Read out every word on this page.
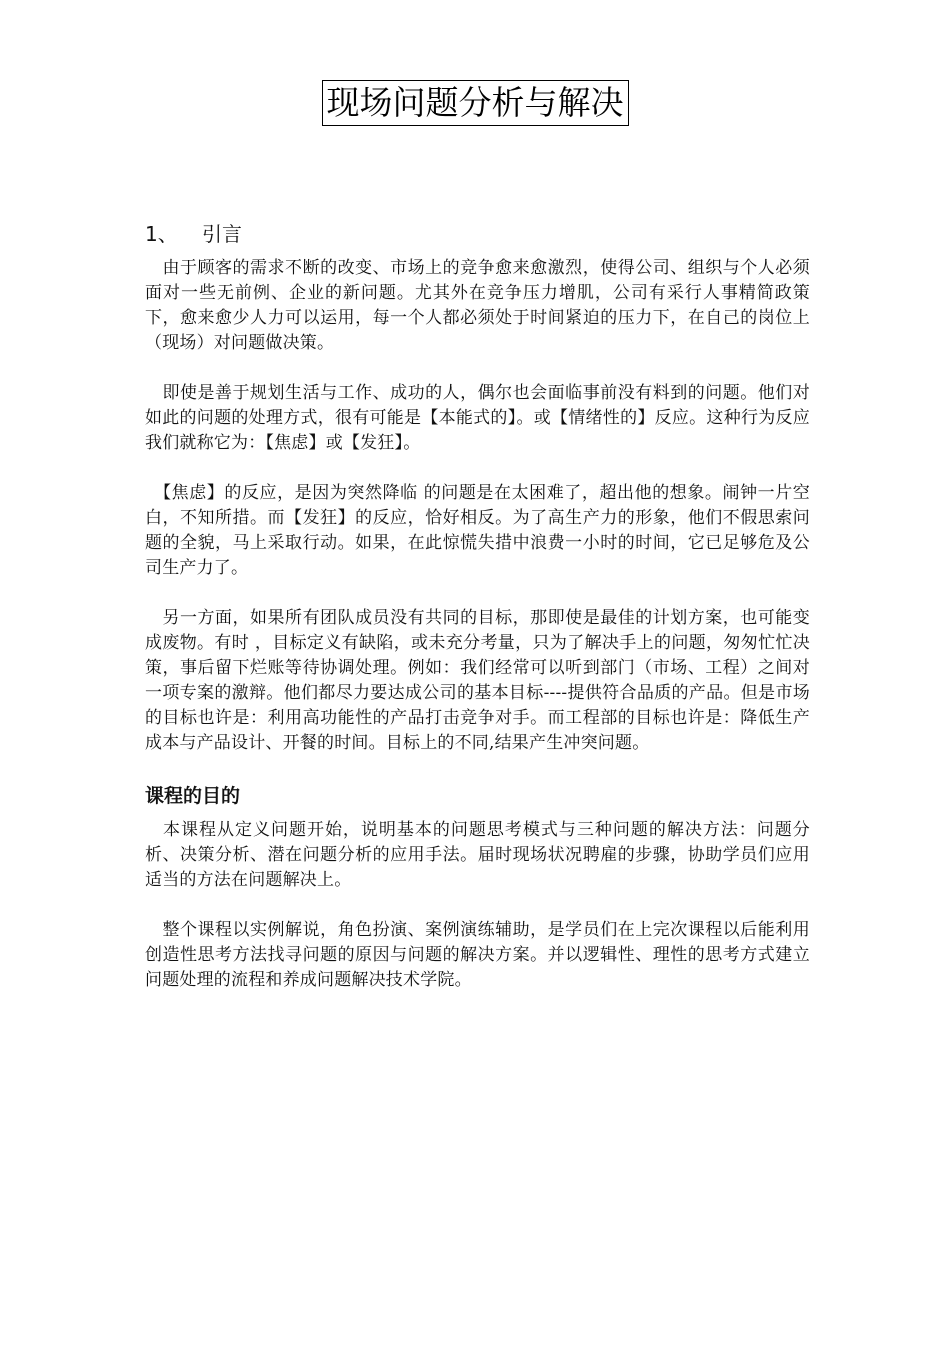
现场问题分析与解决
1、	引言

　由于顾客的需求不断的改变、市场上的竞争愈来愈激烈，使得公司、组织与个人必须面对一些无前例、企业的新问题。尤其外在竞争压力增肌，公司有采行人事精简政策下，愈来愈少人力可以运用，每一个人都必须处于时间紧迫的压力下，在自己的岗位上（现场）对问题做决策。

　即使是善于规划生活与工作、成功的人，偶尔也会面临事前没有料到的问题。他们对如此的问题的处理方式，很有可能是【本能式的】。或【情绪性的】反应。这种行为反应我们就称它为：【焦虑】或【发狂】。

　【焦虑】的反应，是因为突然降临 的问题是在太困难了，超出他的想象。闹钟一片空白，不知所措。而【发狂】的反应，恰好相反。为了高生产力的形象，他们不假思索问题的全貌，马上采取行动。如果，在此惊慌失措中浪费一小时的时间，它已足够危及公司生产力了。

　另一方面，如果所有团队成员没有共同的目标，那即使是最佳的计划方案，也可能变成废物。有时 ，目标定义有缺陷，或未充分考量，只为了解决手上的问题，匆匆忙忙决策，事后留下烂账等待协调处理。例如：我们经常可以听到部门（市场、工程）之间对一项专案的激辩。他们都尽力要达成公司的基本目标----提供符合品质的产品。但是市场的目标也许是：利用高功能性的产品打击竞争对手。而工程部的目标也许是：降低生产成本与产品设计、开餐的时间。目标上的不同,结果产生冲突问题。

课程的目的

　本课程从定义问题开始，说明基本的问题思考模式与三种问题的解决方法：问题分析、决策分析、潜在问题分析的应用手法。届时现场状况聘雇的步骤，协助学员们应用适当的方法在问题解决上。

　整个课程以实例解说，角色扮演、案例演练辅助，是学员们在上完次课程以后能利用创造性思考方法找寻问题的原因与问题的解决方案。并以逻辑性、理性的思考方式建立问题处理的流程和养成问题解决技术学院。
